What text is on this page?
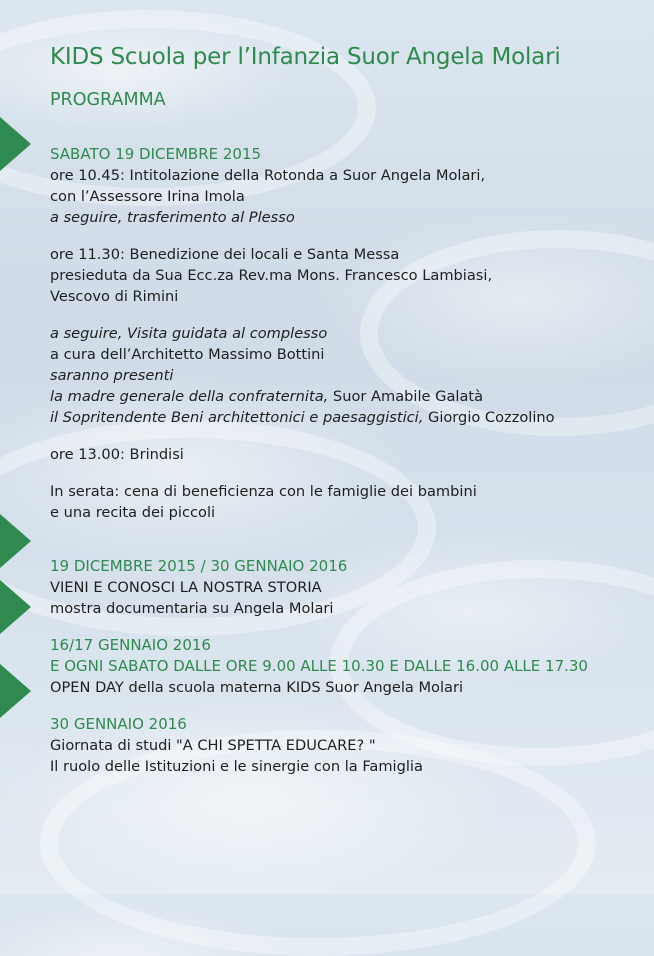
KIDS Scuola per l’Infanzia Suor Angela Molari
PROGRAMMA
SABATO 19 DICEMBRE 2015
ore 10.45: Intitolazione della Rotonda a Suor Angela Molari,
con l’Assessore Irina Imola
a seguire, trasferimento al Plesso
ore 11.30: Benedizione dei locali e Santa Messa
presieduta da Sua Ecc.za Rev.ma Mons. Francesco Lambiasi,
Vescovo di Rimini
a seguire, Visita guidata al complesso
a cura dell’Architetto Massimo Bottini
saranno presenti
la madre generale della confraternita, Suor Amabile Galatà
il Sopritendente Beni architettonici e paesaggistici, Giorgio Cozzolino
ore 13.00: Brindisi
In serata: cena di beneficienza con le famiglie dei bambini
e una recita dei piccoli
19 DICEMBRE 2015 / 30 GENNAIO 2016
VIENI E CONOSCI LA NOSTRA STORIA
mostra documentaria su Angela Molari
16/17 GENNAIO 2016
E OGNI SABATO DALLE ORE 9.00 ALLE 10.30 E DALLE 16.00 ALLE 17.30
OPEN DAY della scuola materna KIDS Suor Angela Molari
30 GENNAIO 2016
Giornata di studi "A CHI SPETTA EDUCARE? "
Il ruolo delle Istituzioni e le sinergie con la Famiglia
